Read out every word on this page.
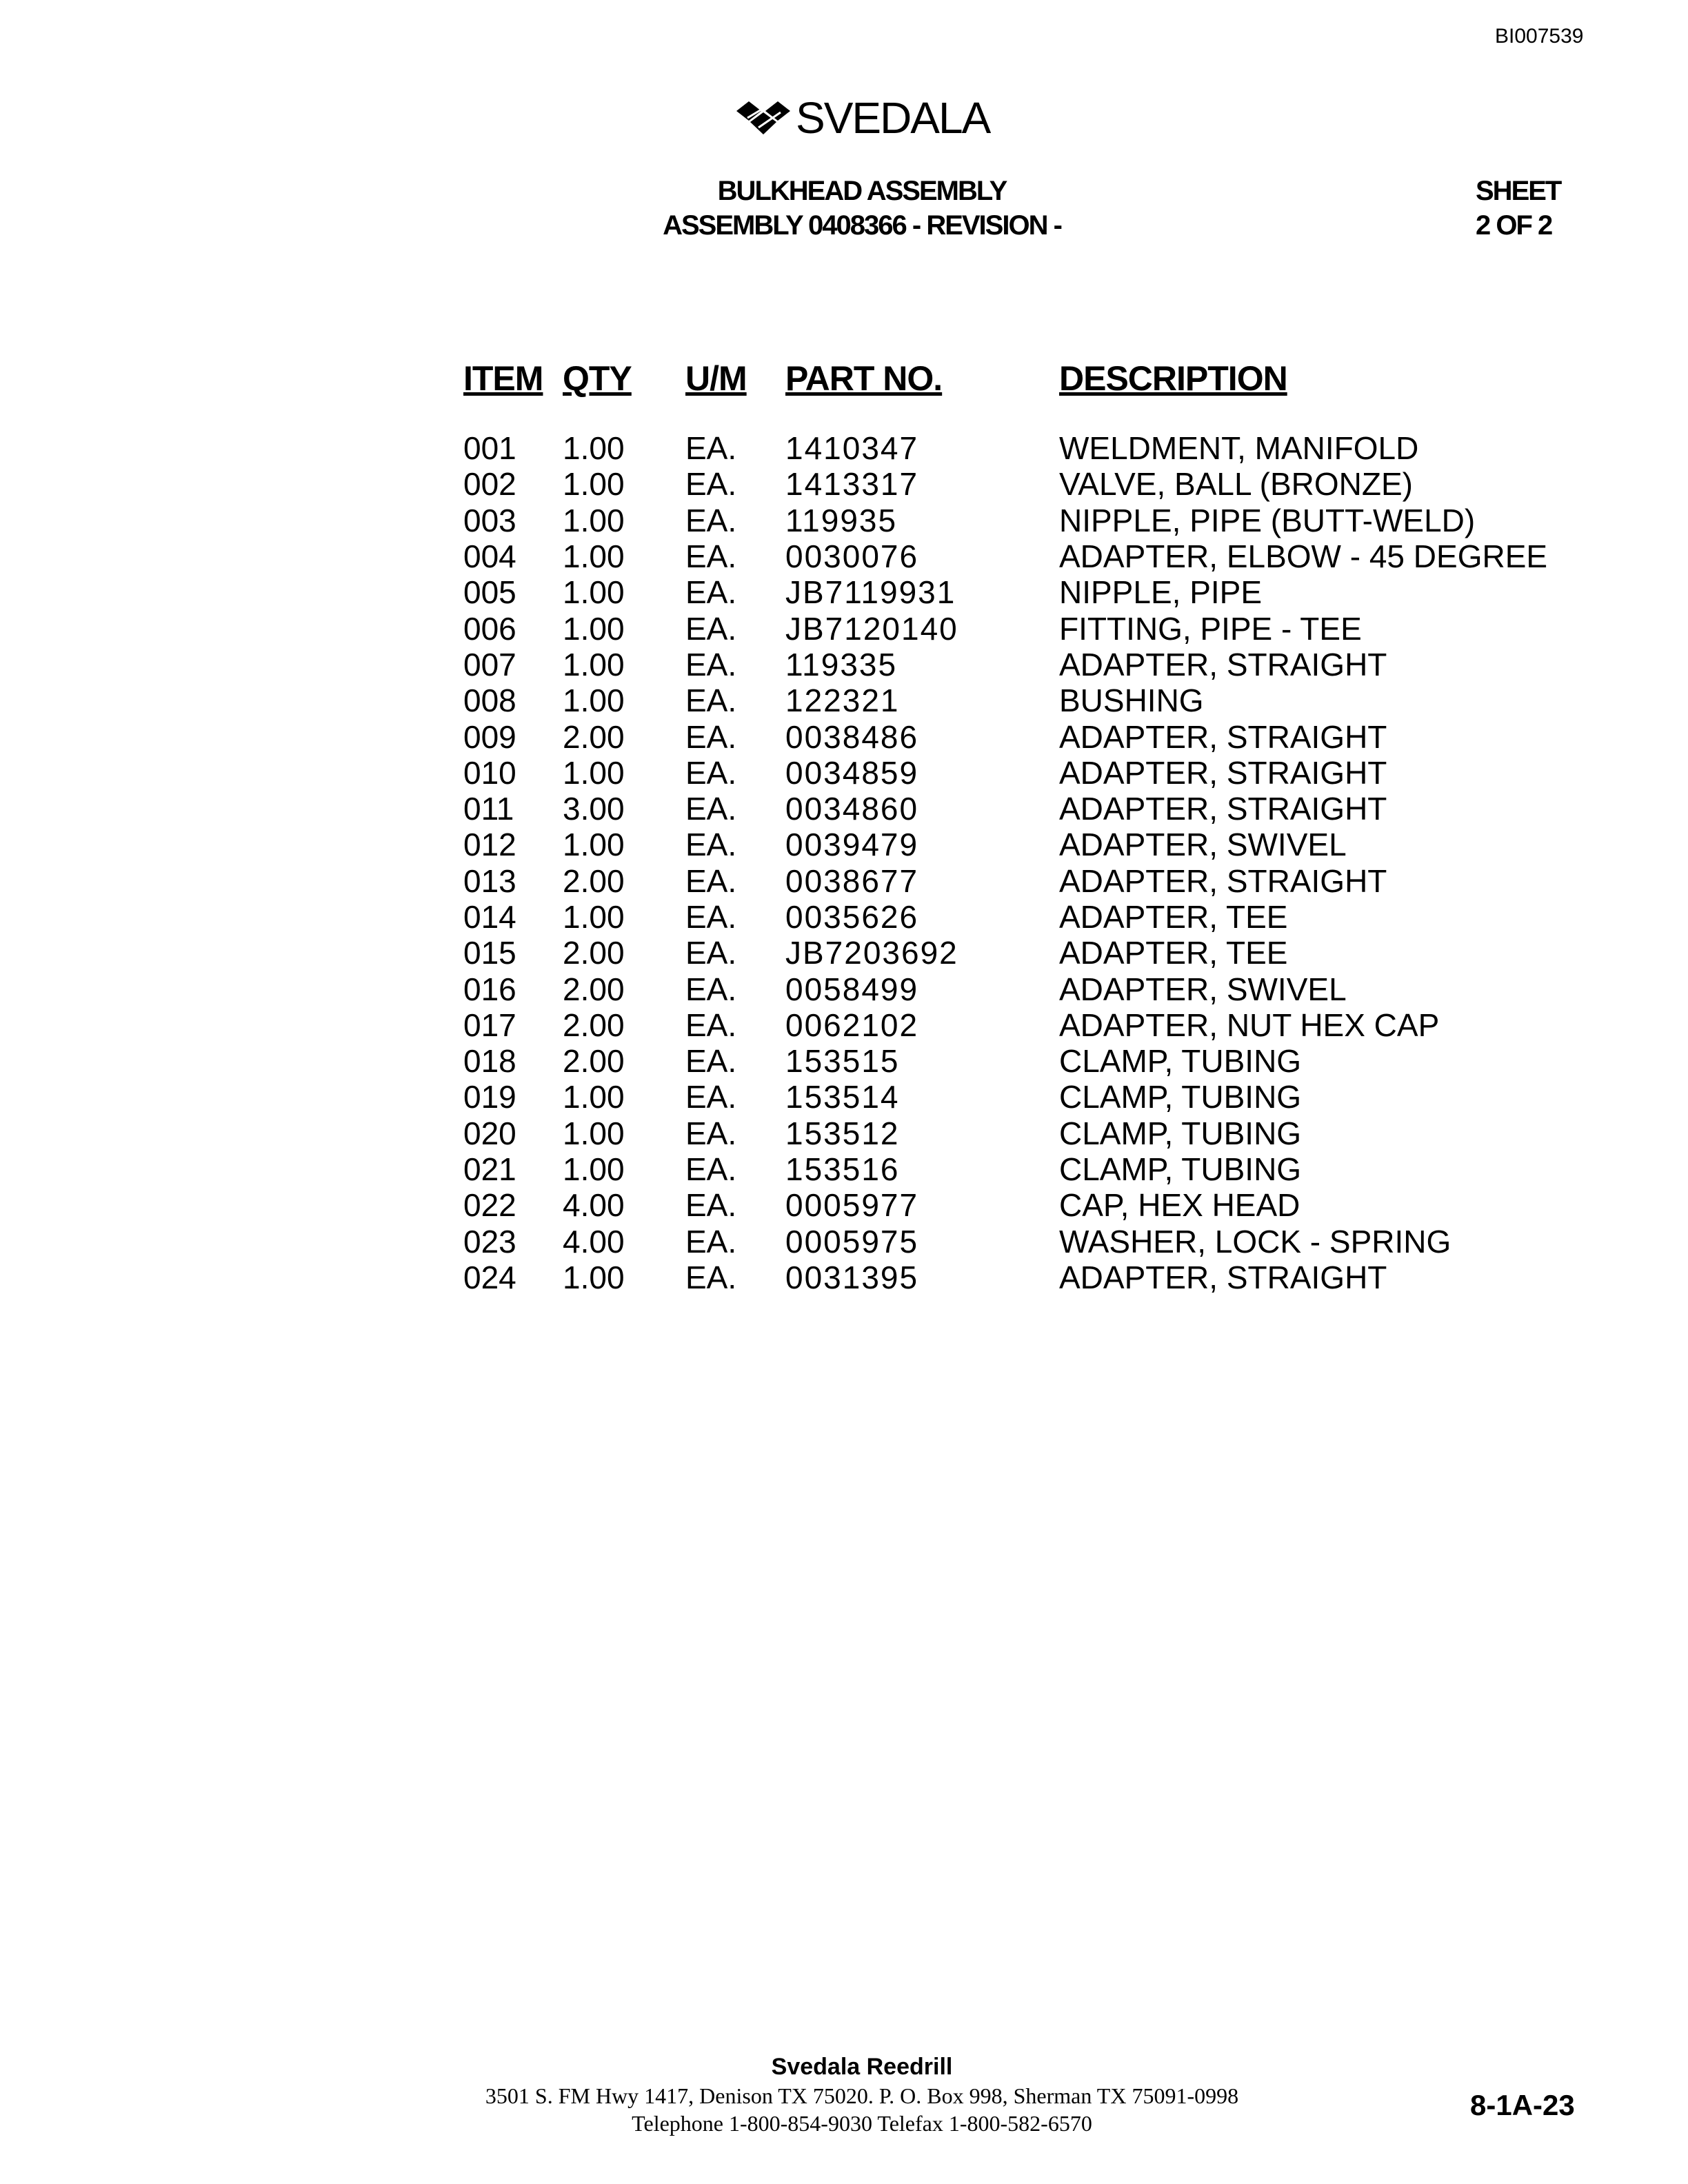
BI007539
SVEDALA
BULKHEAD ASSEMBLY
ASSEMBLY 0408366 - REVISION -
SHEET
2 OF 2
ITEM	QTY	U/M	PART NO.	DESCRIPTION

001	1.00	EA.	1410347	WELDMENT, MANIFOLD
002	1.00	EA.	1413317	VALVE, BALL (BRONZE)
003	1.00	EA.	119935	NIPPLE, PIPE (BUTT-WELD)
004	1.00	EA.	0030076	ADAPTER, ELBOW - 45 DEGREE
005	1.00	EA.	JB7119931	NIPPLE, PIPE
006	1.00	EA.	JB7120140	FITTING, PIPE - TEE
007	1.00	EA.	119335	ADAPTER, STRAIGHT
008	1.00	EA.	122321	BUSHING
009	2.00	EA.	0038486	ADAPTER, STRAIGHT
010	1.00	EA.	0034859	ADAPTER, STRAIGHT
011	3.00	EA.	0034860	ADAPTER, STRAIGHT
012	1.00	EA.	0039479	ADAPTER, SWIVEL
013	2.00	EA.	0038677	ADAPTER, STRAIGHT
014	1.00	EA.	0035626	ADAPTER, TEE
015	2.00	EA.	JB7203692	ADAPTER, TEE
016	2.00	EA.	0058499	ADAPTER, SWIVEL
017	2.00	EA.	0062102	ADAPTER, NUT HEX CAP
018	2.00	EA.	153515	CLAMP, TUBING
019	1.00	EA.	153514	CLAMP, TUBING
020	1.00	EA.	153512	CLAMP, TUBING
021	1.00	EA.	153516	CLAMP, TUBING
022	4.00	EA.	0005977	CAP, HEX HEAD
023	4.00	EA.	0005975	WASHER, LOCK - SPRING
024	1.00	EA.	0031395	ADAPTER, STRAIGHT
Svedala Reedrill
3501 S. FM Hwy 1417, Denison TX 75020. P. O. Box 998, Sherman TX 75091-0998
Telephone 1-800-854-9030 Telefax 1-800-582-6570
8-1A-23
